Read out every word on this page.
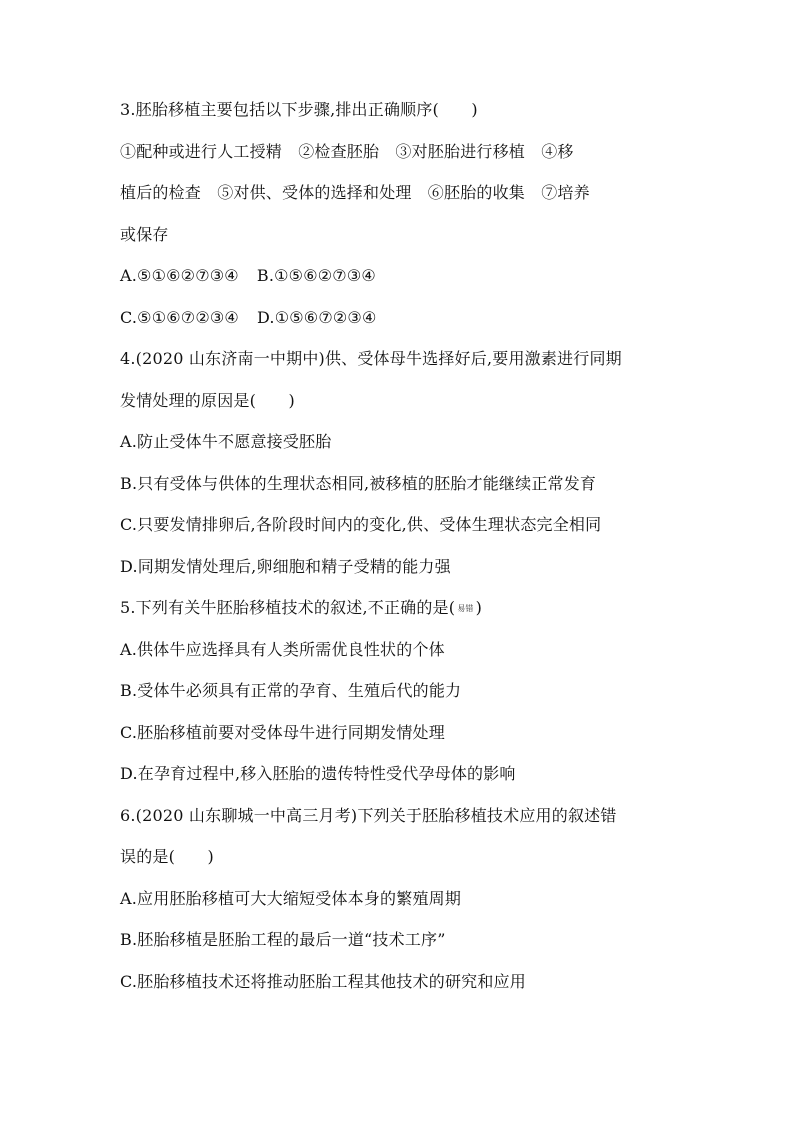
3.胚胎移植主要包括以下步骤,排出正确顺序(　　)
①配种或进行人工授精　②检查胚胎　③对胚胎进行移植　④移
植后的检查　⑤对供、受体的选择和处理　⑥胚胎的收集　⑦培养
或保存
A.⑤①⑥②⑦③④ B.①⑤⑥②⑦③④
C.⑤①⑥⑦②③④ D.①⑤⑥⑦②③④
4.(2020 山东济南一中期中)供、受体母牛选择好后,要用激素进行同期
发情处理的原因是(　　)
A.防止受体牛不愿意接受胚胎
B.只有受体与供体的生理状态相同,被移植的胚胎才能继续正常发育
C.只要发情排卵后,各阶段时间内的变化,供、受体生理状态完全相同
D.同期发情处理后,卵细胞和精子受精的能力强
5.下列有关牛胚胎移植技术的叙述,不正确的是( 易错 )
A.供体牛应选择具有人类所需优良性状的个体
B.受体牛必须具有正常的孕育、生殖后代的能力
C.胚胎移植前要对受体母牛进行同期发情处理
D.在孕育过程中,移入胚胎的遗传特性受代孕母体的影响
6.(2020 山东聊城一中高三月考)下列关于胚胎移植技术应用的叙述错
误的是(　　)
A.应用胚胎移植可大大缩短受体本身的繁殖周期
B.胚胎移植是胚胎工程的最后一道“技术工序”
C.胚胎移植技术还将推动胚胎工程其他技术的研究和应用
